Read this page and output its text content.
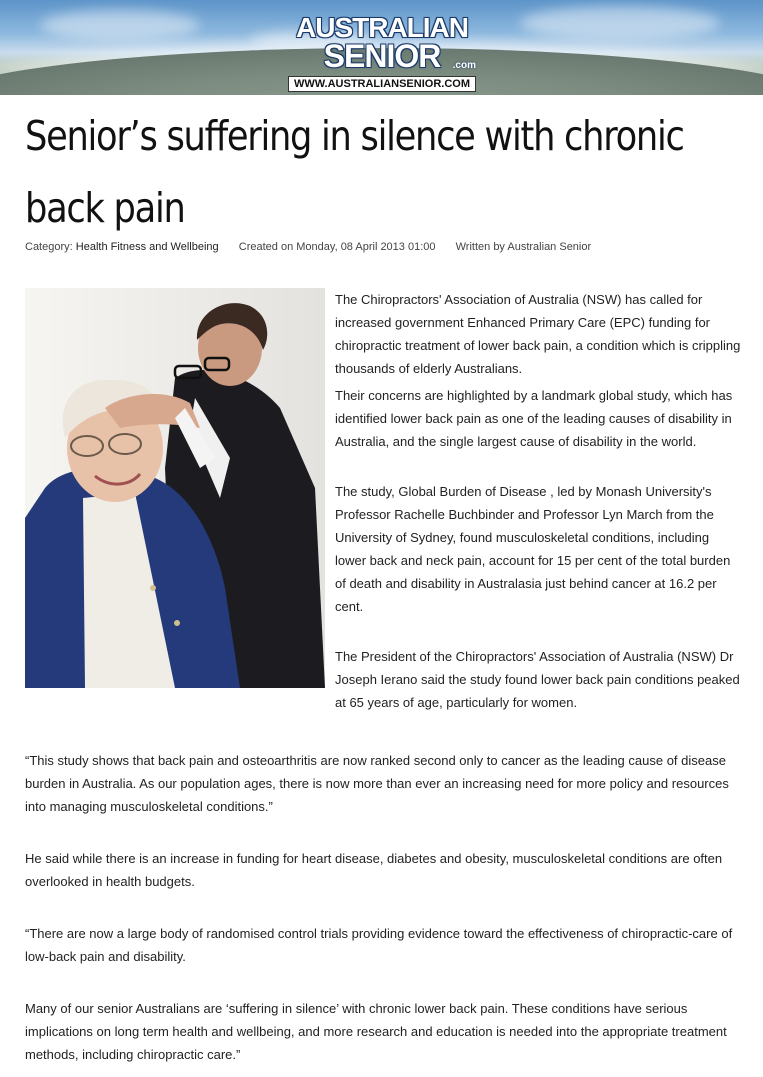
AUSTRALIAN
SENIOR	.com
WWW.AUSTRALIANSENIOR.COM
Senior’s suffering in silence with chronic back pain
Category: Health Fitness and Wellbeing Created on Monday, 08 April 2013 01:00 Written by Australian Senior

The Chiropractors' Association of Australia (NSW) has called for increased government Enhanced Primary Care (EPC) funding for chiropractic treatment of lower back pain, a condition which is crippling thousands of elderly Australians.

Their concerns are highlighted by a landmark global study, which has identified lower back pain as one of the leading causes of disability in Australia, and the single largest cause of disability in the world.

The study, Global Burden of Disease , led by Monash University's Professor Rachelle Buchbinder and Professor Lyn March from the University of Sydney, found musculoskeletal conditions, including lower back and neck pain, account for 15 per cent of the total burden of death and disability in Australasia just behind cancer at 16.2 per cent.

The President of the Chiropractors' Association of Australia (NSW) Dr Joseph Ierano said the study found lower back pain conditions peaked at 65 years of age, particularly for women.

“This study shows that back pain and osteoarthritis are now ranked second only to cancer as the leading cause of disease burden in Australia. As our population ages, there is now more than ever an increasing need for more policy and resources into managing musculoskeletal conditions.”

He said while there is an increase in funding for heart disease, diabetes and obesity, musculoskeletal conditions are often overlooked in health budgets.

“There are now a large body of randomised control trials providing evidence toward the effectiveness of chiropractic-care of low-back pain and disability.

Many of our senior Australians are ‘suffering in silence’ with chronic lower back pain. These conditions have serious implications on long term health and wellbeing, and more research and education is needed into the appropriate treatment methods, including chiropractic care.”
